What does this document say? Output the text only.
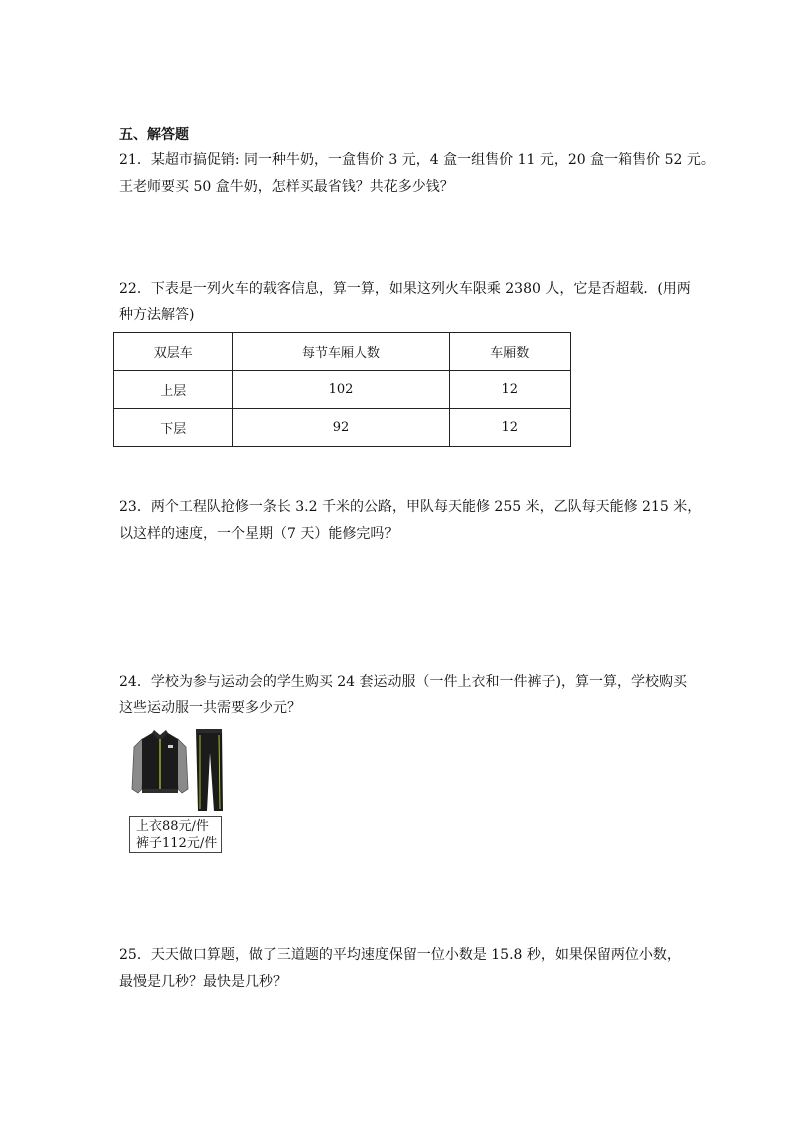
五、解答题
21．某超市搞促销: 同一种牛奶，一盒售价 3 元，4 盒一组售价 11 元，20 盒一箱售价 52 元。
王老师要买 50 盒牛奶，怎样买最省钱？共花多少钱？
22．下表是一列火车的载客信息，算一算，如果这列火车限乘 2380 人，它是否超载．(用两
种方法解答)
双层车	每节车厢人数	车厢数
上层	102	12
下层	92	12
23．两个工程队抢修一条长 3.2 千米的公路，甲队每天能修 255 米，乙队每天能修 215 米，
以这样的速度，一个星期（7 天）能修完吗？
24．学校为参与运动会的学生购买 24 套运动服（一件上衣和一件裤子)，算一算，学校购买
这些运动服一共需要多少元？
上衣88元/件
裤子112元/件
25．天天做口算题，做了三道题的平均速度保留一位小数是 15.8 秒，如果保留两位小数，
最慢是几秒？最快是几秒？
